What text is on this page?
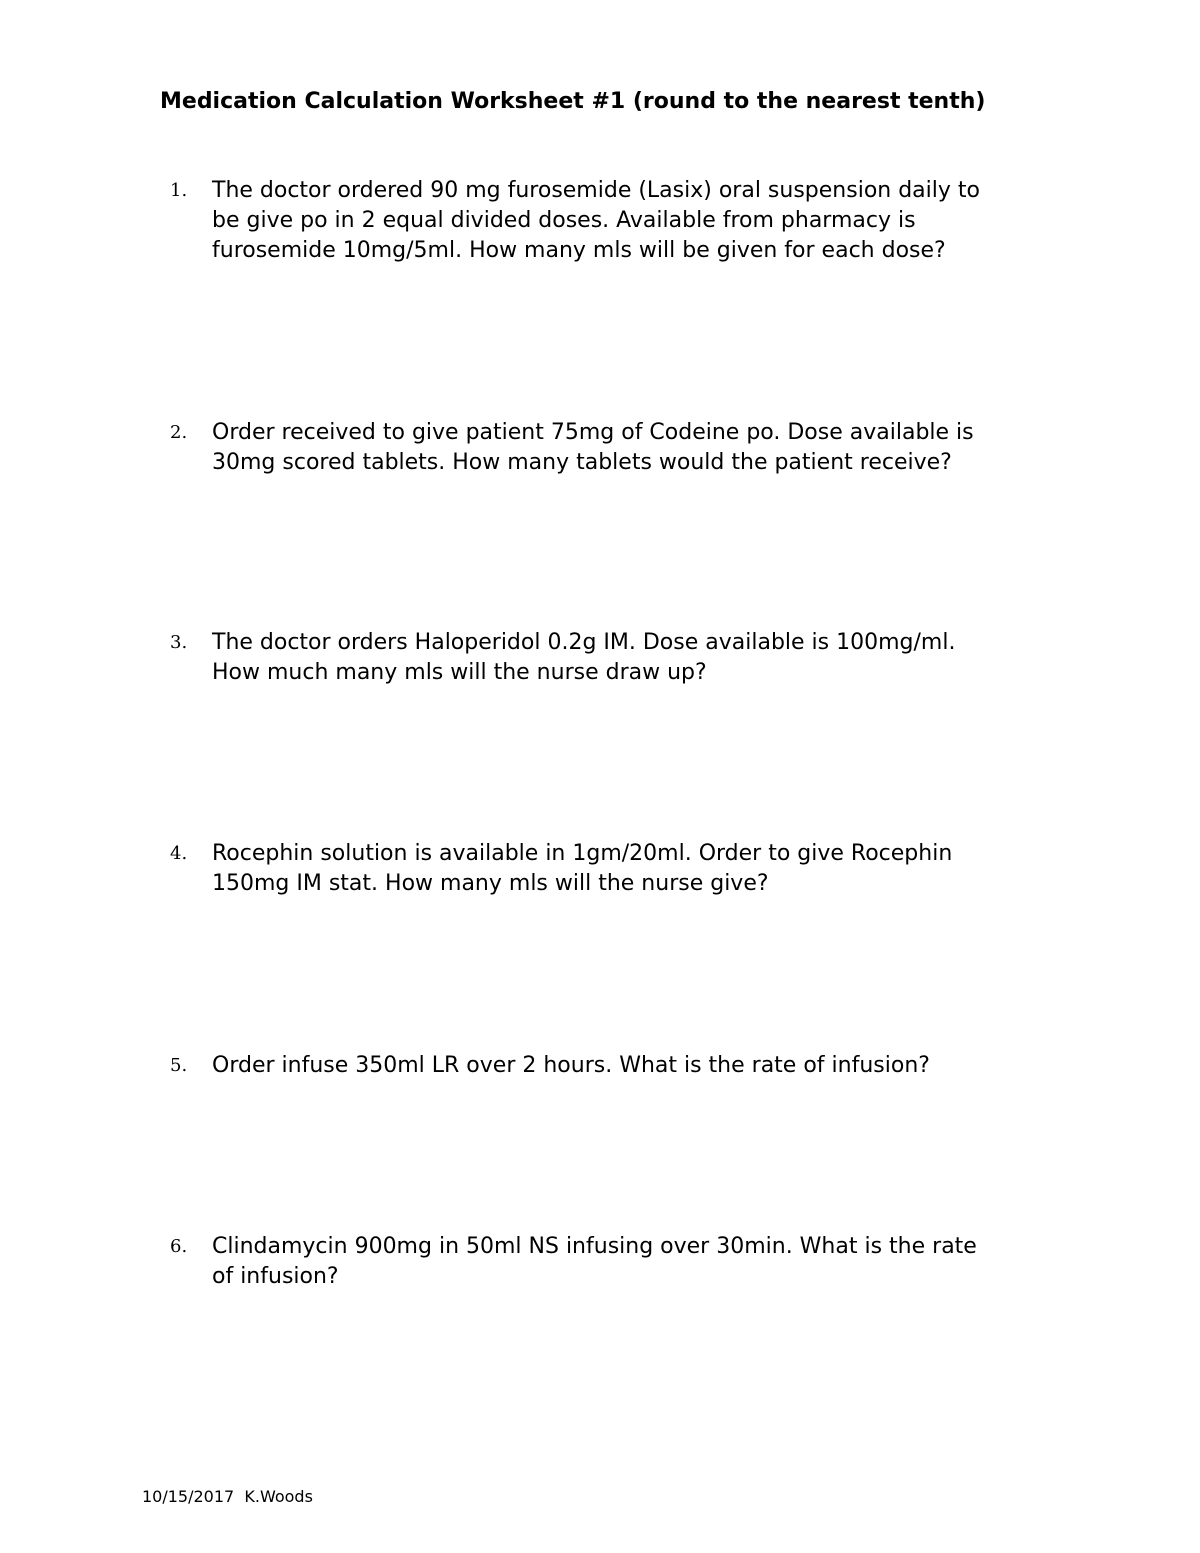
Medication Calculation Worksheet #1 (round to the nearest tenth)
1.	The doctor ordered 90 mg furosemide (Lasix) oral suspension daily to
be give po in 2 equal divided doses. Available from pharmacy is
furosemide 10mg/5ml. How many mls will be given for each dose?
2.	Order received to give patient 75mg of Codeine po. Dose available is
30mg scored tablets. How many tablets would the patient receive?
3.	The doctor orders Haloperidol 0.2g IM. Dose available is 100mg/ml.
How much many mls will the nurse draw up?
4.	Rocephin solution is available in 1gm/20ml. Order to give Rocephin
150mg IM stat. How many mls will the nurse give?
5.	Order infuse 350ml LR over 2 hours. What is the rate of infusion?
6.	Clindamycin 900mg in 50ml NS infusing over 30min. What is the rate
of infusion?
10/15/2017  K.Woods
